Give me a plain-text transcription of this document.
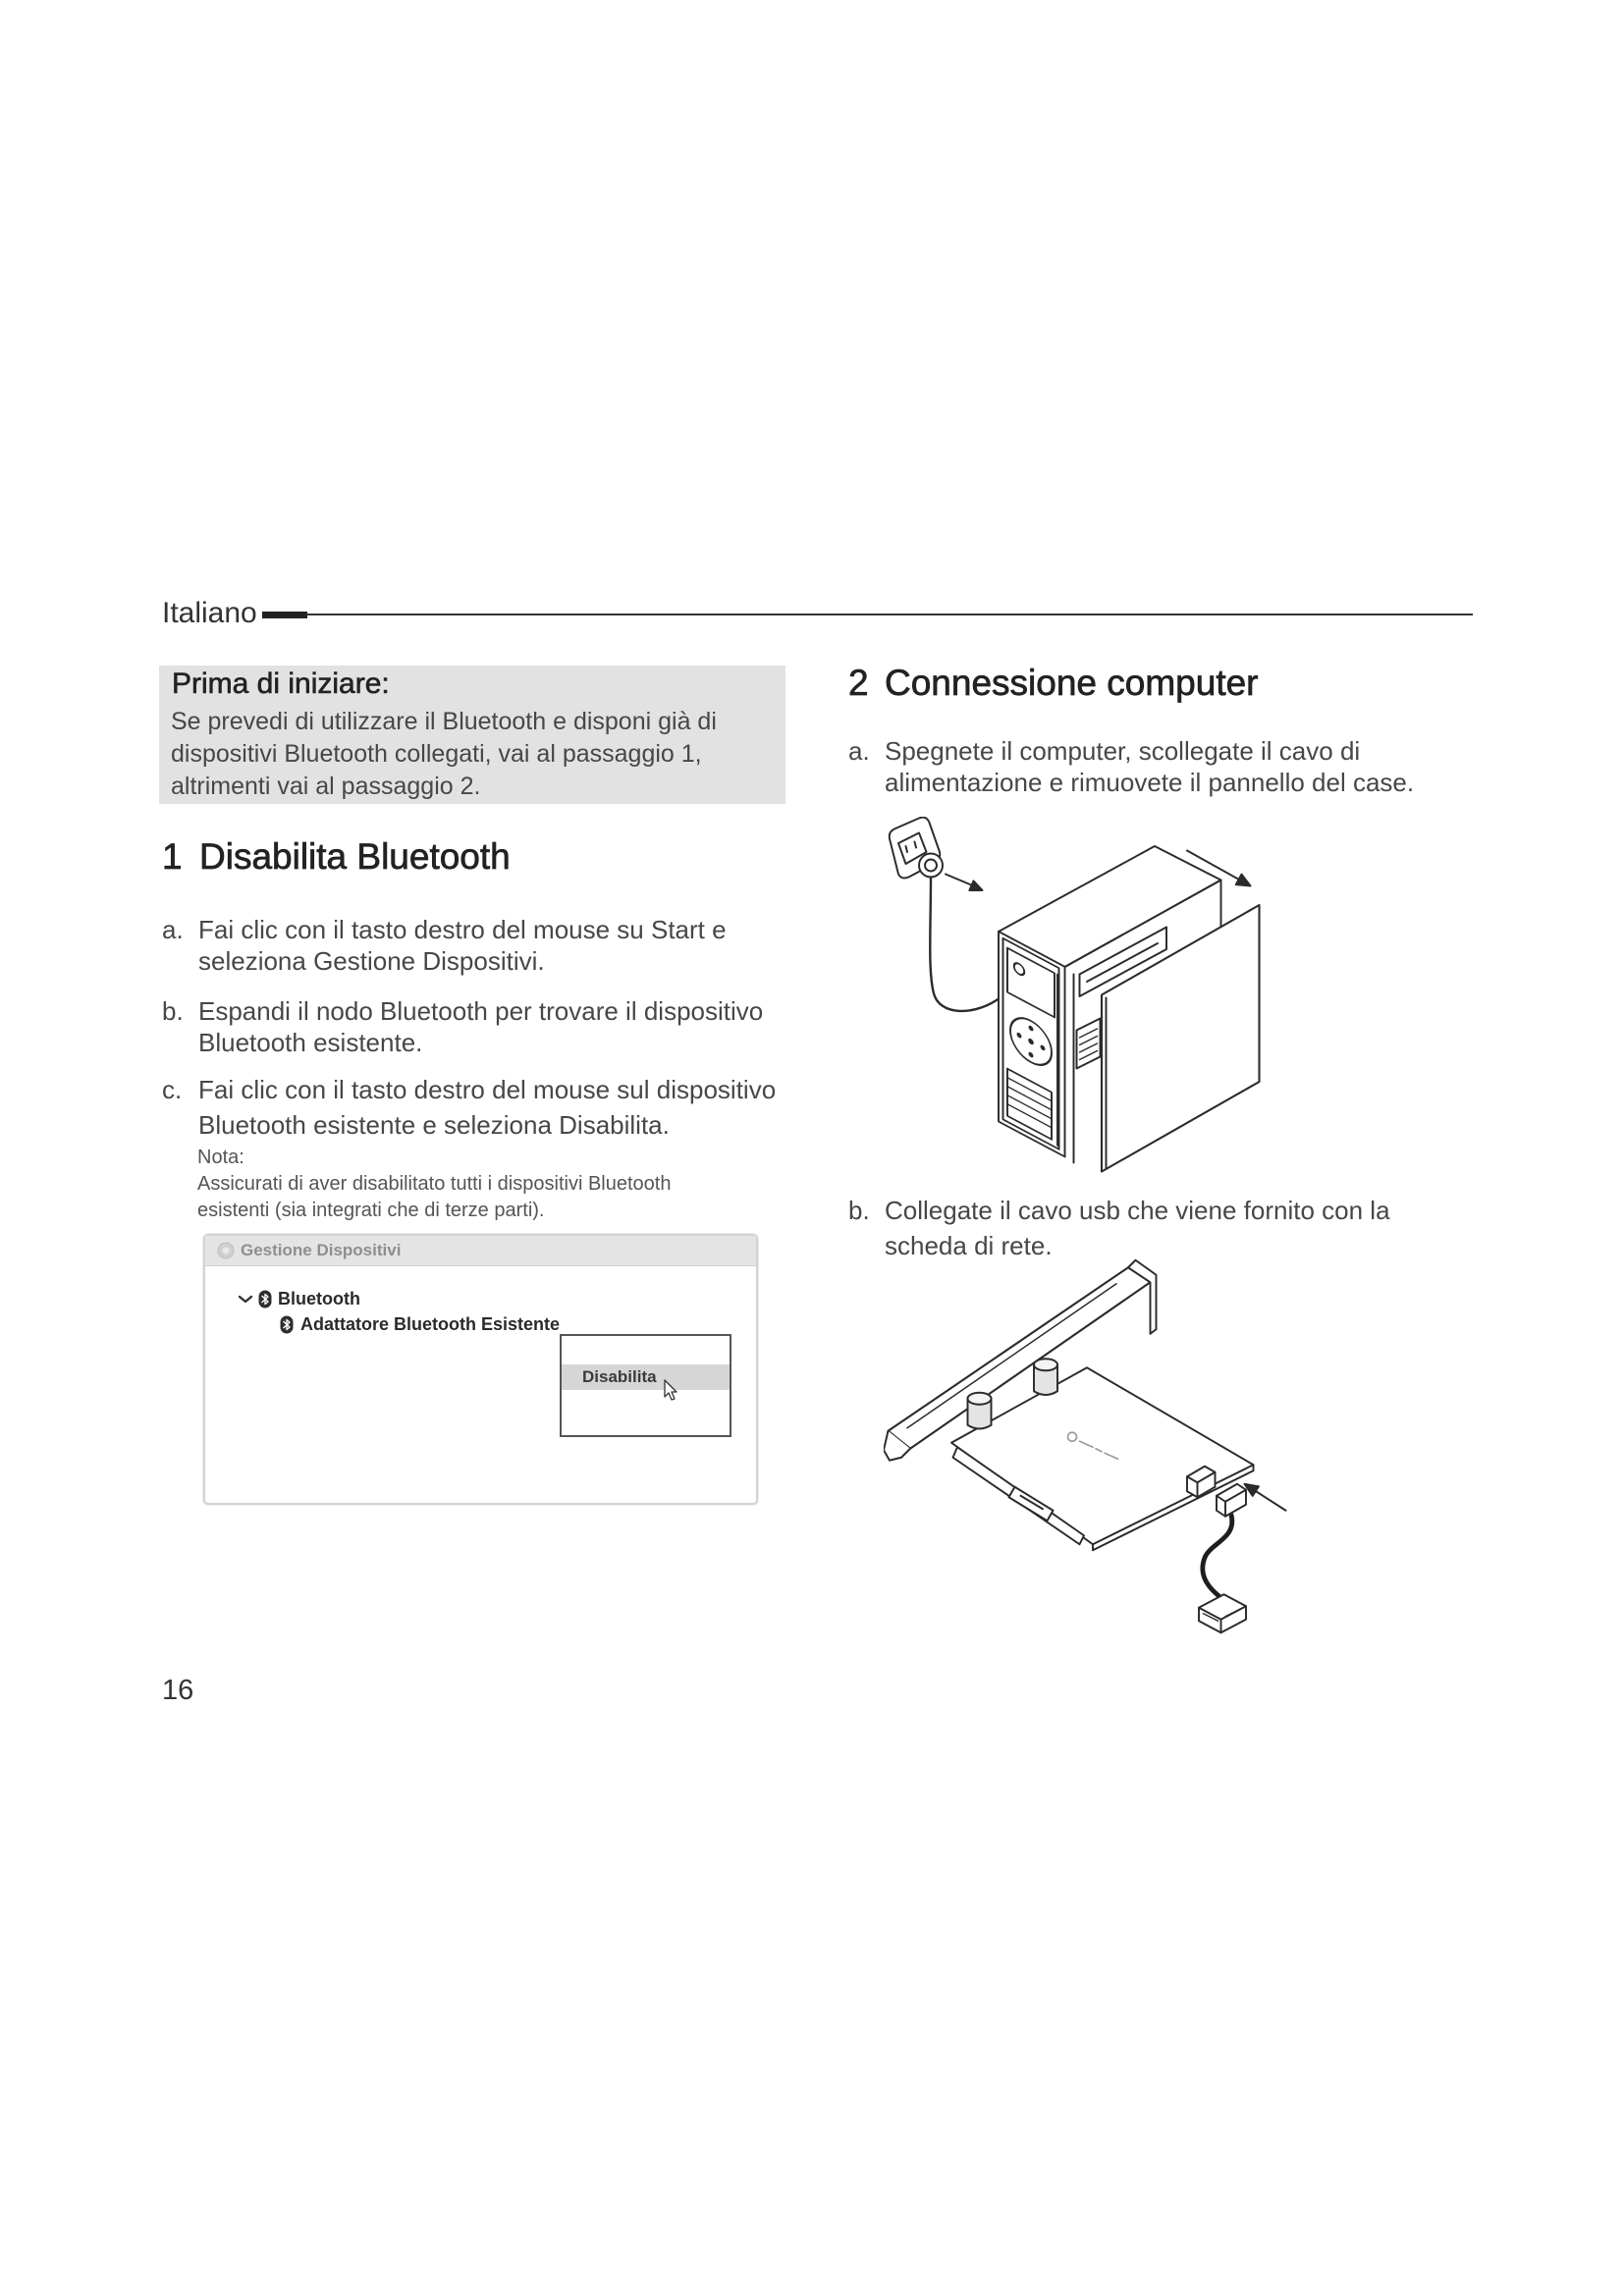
Italiano
Prima di iniziare:
Se prevedi di utilizzare il Bluetooth e disponi già di
dispositivi Bluetooth collegati, vai al passaggio 1,
altrimenti vai al passaggio 2.
1 Disabilita Bluetooth
a. Fai clic con il tasto destro del mouse su Start e
seleziona Gestione Dispositivi.
b. Espandi il nodo Bluetooth per trovare il dispositivo
Bluetooth esistente.
c. Fai clic con il tasto destro del mouse sul dispositivo
Bluetooth esistente e seleziona Disabilita.
Nota:
Assicurati di aver disabilitato tutti i dispositivi Bluetooth
esistenti (sia integrati che di terze parti).
Gestione Dispositivi
Bluetooth
Adattatore Bluetooth Esistente
Disabilita
2 Connessione computer
a. Spegnete il computer, scollegate il cavo di
alimentazione e rimuovete il pannello del case.
b. Collegate il cavo usb che viene fornito con la
scheda di rete.
16
